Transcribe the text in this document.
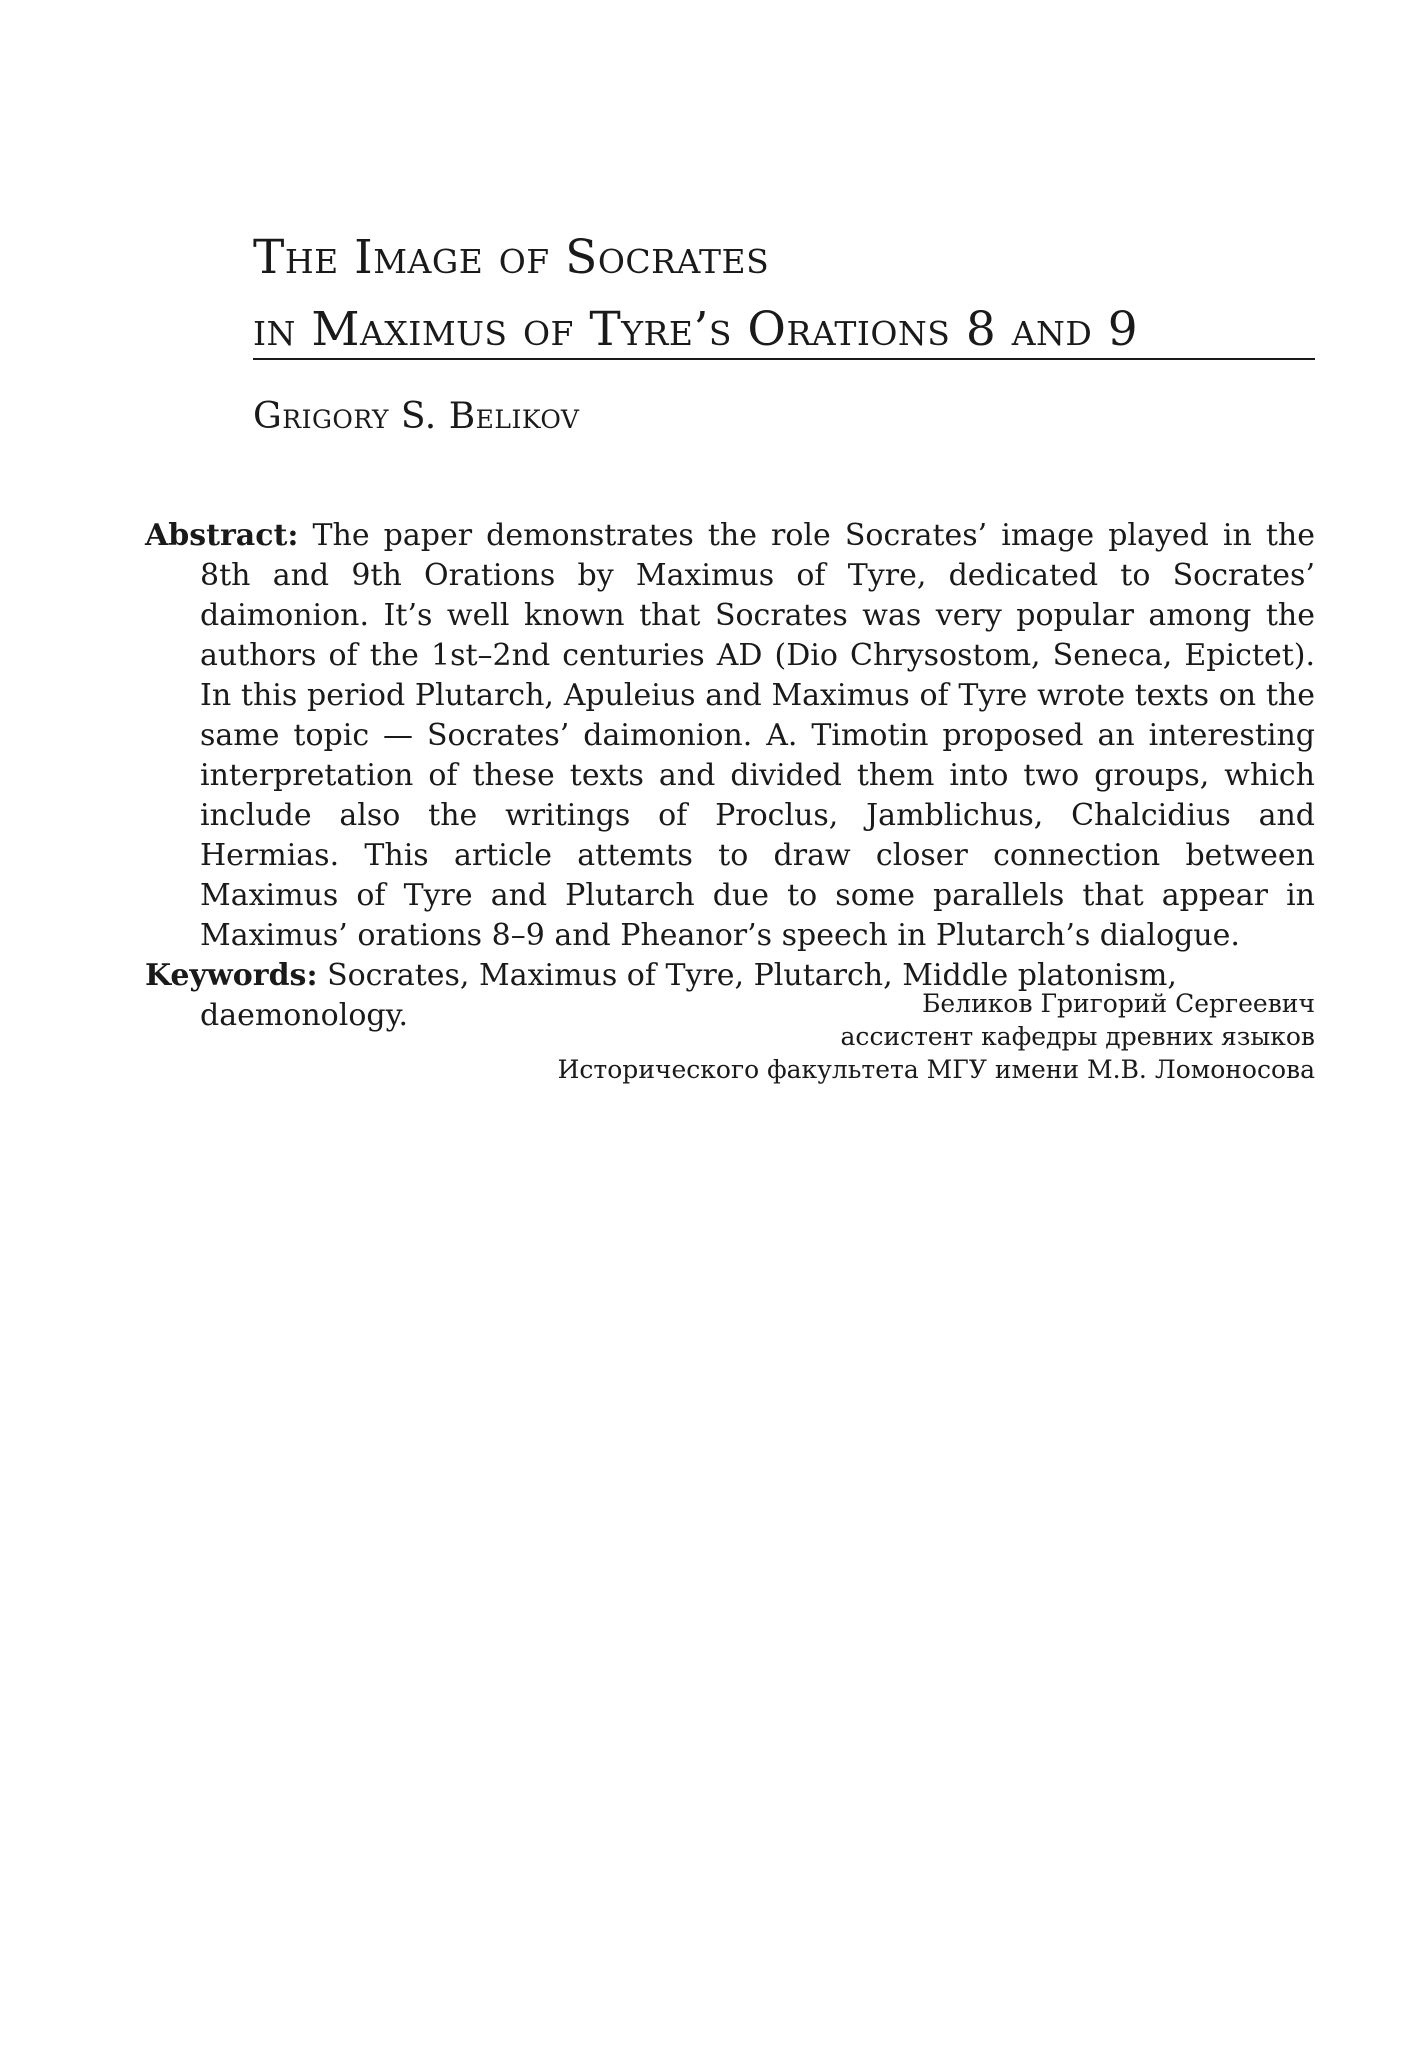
The Image of Socrates
in Maximus of Tyre’s Orations 8 and 9
Grigory S. Belikov

Abstract: The paper demonstrates the role Socrates’ image played in the 8th and 9th Orations by Maximus of Tyre, dedicated to Socrates’ daimonion. It’s well known that Socrates was very popular among the authors of the 1st–2nd centuries AD (Dio Chrysostom, Seneca, Epictet). In this period Plutarch, Apuleius and Maximus of Tyre wrote texts on the same topic — Socrates’ daimonion. A. Timotin proposed an interesting interpretation of these texts and divided them into two groups, which include also the writings of Proclus, Jamblichus, Chalcidius and Hermias. This article attemts to draw closer connection between Maximus of Tyre and Plutarch due to some parallels that appear in Maximus’ orations 8–9 and Pheanor’s speech in Plutarch’s dialogue.

Keywords: Socrates, Maximus of Tyre, Plutarch, Middle platonism, daemonology.	Беликов Григорий Сергеевич
ассистент кафедры древних языков
Исторического факультета МГУ имени М.В. Ломоносова
